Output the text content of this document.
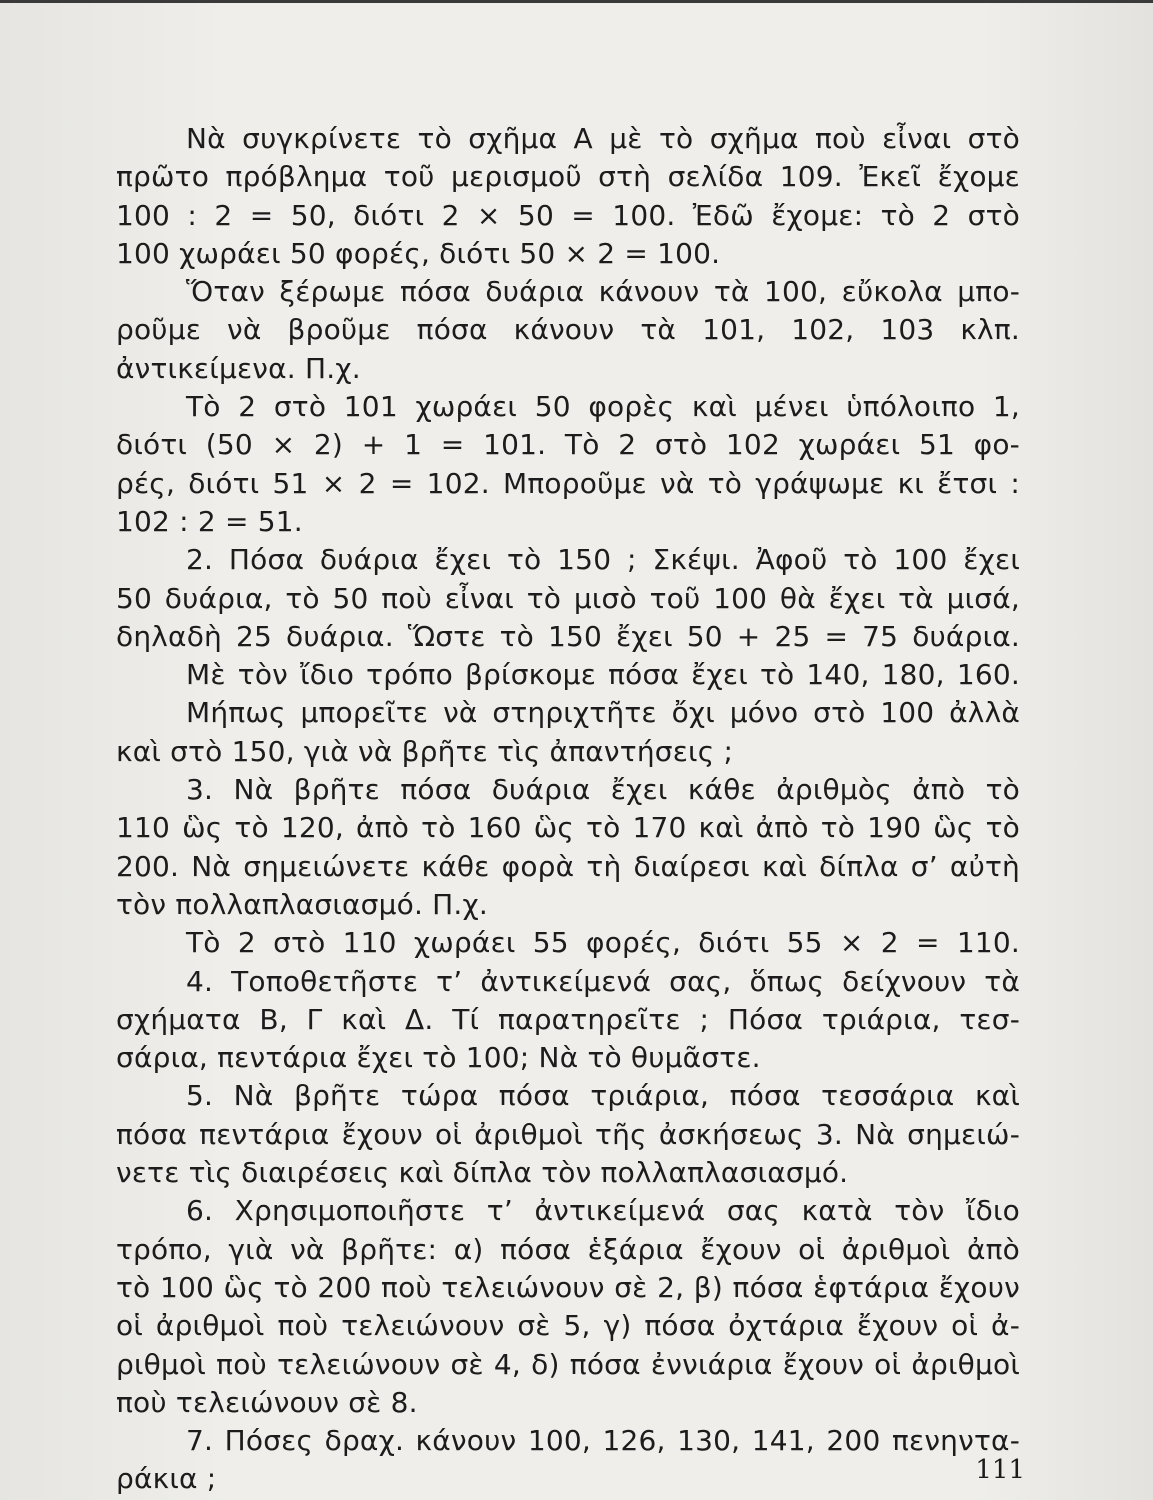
Νὰ συγκρίνετε τὸ σχῆμα Α μὲ τὸ σχῆμα ποὺ εἶναι στὸ
πρῶτο πρόβλημα τοῦ μερισμοῦ στὴ σελίδα 109. Ἐκεῖ ἔχομε
100 : 2 = 50, διότι 2 × 50 = 100. Ἐδῶ ἔχομε: τὸ 2 στὸ
100 χωράει 50 φορές, διότι 50 × 2 = 100.
Ὅταν ξέρωμε πόσα δυάρια κάνουν τὰ 100, εὔκολα μπο-
ροῦμε νὰ βροῦμε πόσα κάνουν τὰ 101, 102, 103 κλπ.
ἀντικείμενα. Π.χ.
Τὸ 2 στὸ 101 χωράει 50 φορὲς καὶ μένει ὑπόλοιπο 1,
διότι (50 × 2) + 1 = 101. Τὸ 2 στὸ 102 χωράει 51 φο-
ρές, διότι 51 × 2 = 102. Μποροῦμε νὰ τὸ γράψωμε κι ἔτσι :
102 : 2 = 51.
2. Πόσα δυάρια ἔχει τὸ 150 ; Σκέψι. Ἀφοῦ τὸ 100 ἔχει
50 δυάρια, τὸ 50 ποὺ εἶναι τὸ μισὸ τοῦ 100 θὰ ἔχει τὰ μισά,
δηλαδὴ 25 δυάρια. Ὥστε τὸ 150 ἔχει 50 + 25 = 75 δυάρια.
Μὲ τὸν ἴδιο τρόπο βρίσκομε πόσα ἔχει τὸ 140, 180, 160.
Μήπως μπορεῖτε νὰ στηριχτῆτε ὄχι μόνο στὸ 100 ἀλλὰ
καὶ στὸ 150, γιὰ νὰ βρῆτε τὶς ἀπαντήσεις ;
3. Νὰ βρῆτε πόσα δυάρια ἔχει κάθε ἀριθμὸς ἀπὸ τὸ
110 ὣς τὸ 120, ἀπὸ τὸ 160 ὣς τὸ 170 καὶ ἀπὸ τὸ 190 ὣς τὸ
200. Νὰ σημειώνετε κάθε φορὰ τὴ διαίρεσι καὶ δίπλα σ’ αὐτὴ
τὸν πολλαπλασιασμό. Π.χ.
Τὸ 2 στὸ 110 χωράει 55 φορές, διότι 55 × 2 = 110.
4. Τοποθετῆστε τ’ ἀντικείμενά σας, ὅπως δείχνουν τὰ
σχήματα Β, Γ καὶ Δ. Τί παρατηρεῖτε ; Πόσα τριάρια, τεσ-
σάρια, πεντάρια ἔχει τὸ 100; Νὰ τὸ θυμᾶστε.
5. Νὰ βρῆτε τώρα πόσα τριάρια, πόσα τεσσάρια καὶ
πόσα πεντάρια ἔχουν οἱ ἀριθμοὶ τῆς ἀσκήσεως 3. Νὰ σημειώ-
νετε τὶς διαιρέσεις καὶ δίπλα τὸν πολλαπλασιασμό.
6. Χρησιμοποιῆστε τ’ ἀντικείμενά σας κατὰ τὸν ἴδιο
τρόπο, γιὰ νὰ βρῆτε: α) πόσα ἑξάρια ἔχουν οἱ ἀριθμοὶ ἀπὸ
τὸ 100 ὣς τὸ 200 ποὺ τελειώνουν σὲ 2, β) πόσα ἑφτάρια ἔχουν
οἱ ἀριθμοὶ ποὺ τελειώνουν σὲ 5, γ) πόσα ὀχτάρια ἔχουν οἱ ἀ-
ριθμοὶ ποὺ τελειώνουν σὲ 4, δ) πόσα ἐννιάρια ἔχουν οἱ ἀριθμοὶ
ποὺ τελειώνουν σὲ 8.
7. Πόσες δραχ. κάνουν 100, 126, 130, 141, 200 πενηντα-
ράκια ;	111
